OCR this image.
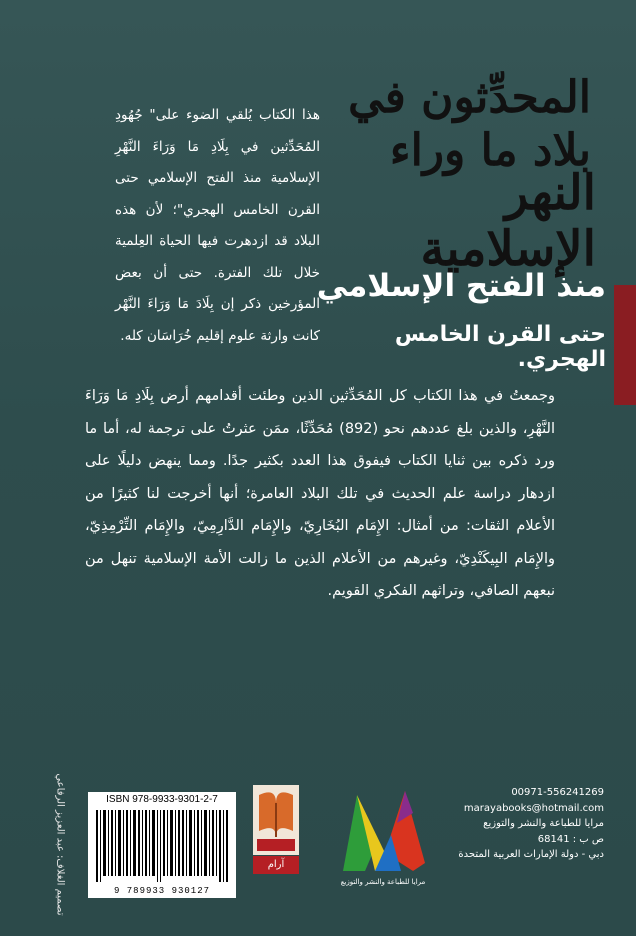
المحدِّثون في بلاد ما وراء
النهر الإسلامية
منذ الفتح الإسلامي
حتى القرن الخامس الهجري.
هذا الكتاب يُلقي الضوء على" جُهُودِ المُحَدِّثين في بِلَادِ مَا وَرَاءَ النَّهْرِ الإسلامية منذ الفتح الإسلامي حتى القرن الخامس الهجري"؛ لأن هذه البلاد قد ازدهرت فيها الحياة العِلمية خلال تلك الفترة. حتى أن بعض المؤرخين ذكر إن بِلَادَ مَا وَرَاءَ النَّهْر كانت وارثة علوم إقليم خُرَاسَان كله.
وجمعتُ في هذا الكتاب كل المُحَدِّثين الذين وطئت أقدامهم أرض بِلَادِ مَا وَرَاءَ النَّهْرِ، والذين بلغ عددهم نحو (892) مُحَدِّثًا، ممَن عثرتُ على ترجمة له، أما ما ورد ذكره بين ثنايا الكتاب فيفوق هذا العدد بكثير جدًا. ومما ينهض دليلًا على ازدهار دراسة علم الحديث في تلك البلاد العامرة؛ أنها أخرجت لنا كثيرًا من الأعلام الثقات: من أمثال: الإِمَام البُخَارِيّ، والإِمَام الدَّارِمِيّ، والإِمَام التِّرْمِذِيّ، والإِمَام البِيكَنْدِيّ، وغيرهم من الأعلام الذين ما زالت الأمة الإسلامية تنهل من نبعهم الصافي، وتراثهم الفكري القويم.
تصميم الغلاف: عبد العزيز الرفاعي	ISBN 978-9933-9301-2-7
9 789933 930127
آرام
مرايا للطباعة والنشر والتوزيع
00971-556241269
marayabooks@hotmail.com
مرايا للطباعة والنشر والتوزيع
ص ب : 68141
دبي - دولة الإمارات العربية المتحدة
